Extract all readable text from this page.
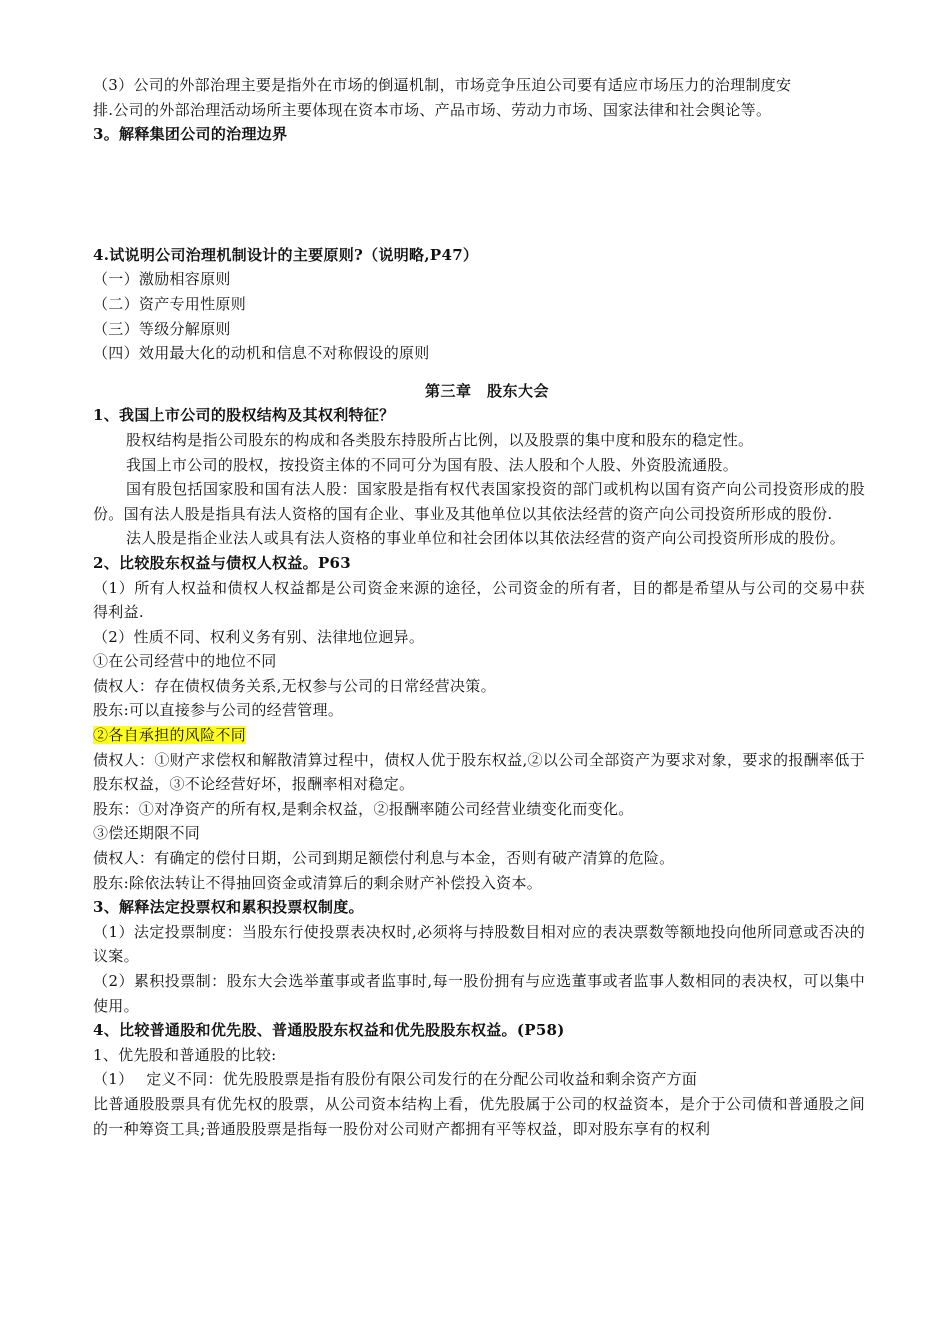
（3）公司的外部治理主要是指外在市场的倒逼机制，市场竞争压迫公司要有适应市场压力的治理制度安
排.公司的外部治理活动场所主要体现在资本市场、产品市场、劳动力市场、国家法律和社会舆论等。
3。解释集团公司的治理边界
4.试说明公司治理机制设计的主要原则?（说明略,P47）
（一）激励相容原则
（二）资产专用性原则
（三）等级分解原则
（四）效用最大化的动机和信息不对称假设的原则
第三章　股东大会
1、我国上市公司的股权结构及其权利特征？
股权结构是指公司股东的构成和各类股东持股所占比例，以及股票的集中度和股东的稳定性。
我国上市公司的股权，按投资主体的不同可分为国有股、法人股和个人股、外资股流通股。
国有股包括国家股和国有法人股：国家股是指有权代表国家投资的部门或机构以国有资产向公司投资形成的股份。国有法人股是指具有法人资格的国有企业、事业及其他单位以其依法经营的资产向公司投资所形成的股份.
法人股是指企业法人或具有法人资格的事业单位和社会团体以其依法经营的资产向公司投资所形成的股份。
2、比较股东权益与债权人权益。P63
（1）所有人权益和债权人权益都是公司资金来源的途径，公司资金的所有者，目的都是希望从与公司的交易中获得利益.
（2）性质不同、权利义务有别、法律地位迥异。
①在公司经营中的地位不同
债权人：存在债权债务关系,无权参与公司的日常经营决策。
股东:可以直接参与公司的经营管理。
②各自承担的风险不同
债权人：①财产求偿权和解散清算过程中，债权人优于股东权益,②以公司全部资产为要求对象，要求的报酬率低于股东权益，③不论经营好坏，报酬率相对稳定。
股东：①对净资产的所有权,是剩余权益，②报酬率随公司经营业绩变化而变化。
③偿还期限不同
债权人：有确定的偿付日期，公司到期足额偿付利息与本金，否则有破产清算的危险。
股东:除依法转让不得抽回资金或清算后的剩余财产补偿投入资本。
3、解释法定投票权和累积投票权制度。
（1）法定投票制度：当股东行使投票表决权时,必须将与持股数目相对应的表决票数等额地投向他所同意或否决的议案。
（2）累积投票制：股东大会选举董事或者监事时,每一股份拥有与应选董事或者监事人数相同的表决权，可以集中使用。
4、比较普通股和优先股、普通股股东权益和优先股股东权益。(P58)
1、优先股和普通股的比较:
（1）　 定义不同：优先股股票是指有股份有限公司发行的在分配公司收益和剩余资产方面
比普通股股票具有优先权的股票，从公司资本结构上看，优先股属于公司的权益资本，是介于公司债和普通股之间的一种筹资工具;普通股股票是指每一股份对公司财产都拥有平等权益，即对股东享有的权利
